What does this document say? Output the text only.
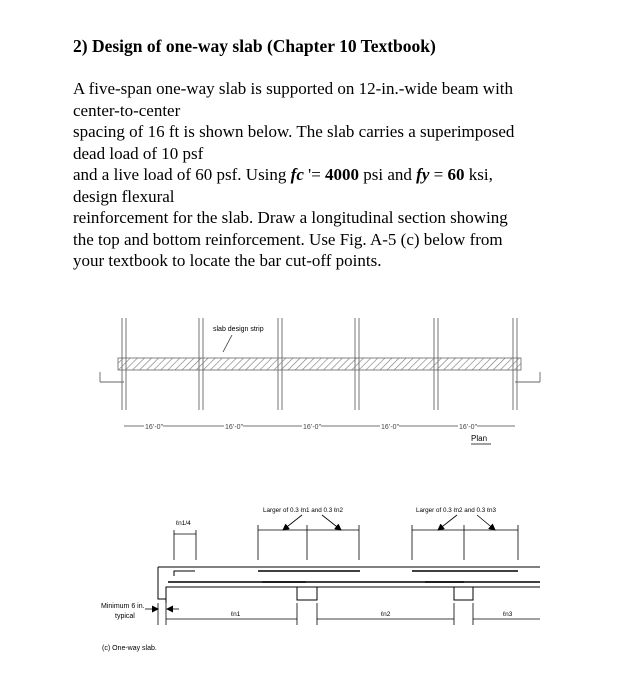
2) Design of one-way slab (Chapter 10 Textbook)
A five-span one-way slab is supported on 12-in.-wide beam with
center-to-center
spacing of 16 ft is shown below. The slab carries a superimposed
dead load of 10 psf
and a live load of 60 psf. Using fc '= 4000 psi and fy = 60 ksi,
design flexural
reinforcement for the slab. Draw a longitudinal section showing
the top and bottom reinforcement. Use Fig. A-5 (c) below from
your textbook to locate the bar cut-off points.
slab design strip
16’-0”	16’-0”	16’-0”	16’-0”	16’-0”
Plan
ℓn1/4
Larger of 0.3 ℓn1 and 0.3 ℓn2	Larger of 0.3 ℓn2 and 0.3 ℓn3
ℓn1	ℓn2	ℓn3
Minimum 6 in.
typical
(c) One-way slab.
